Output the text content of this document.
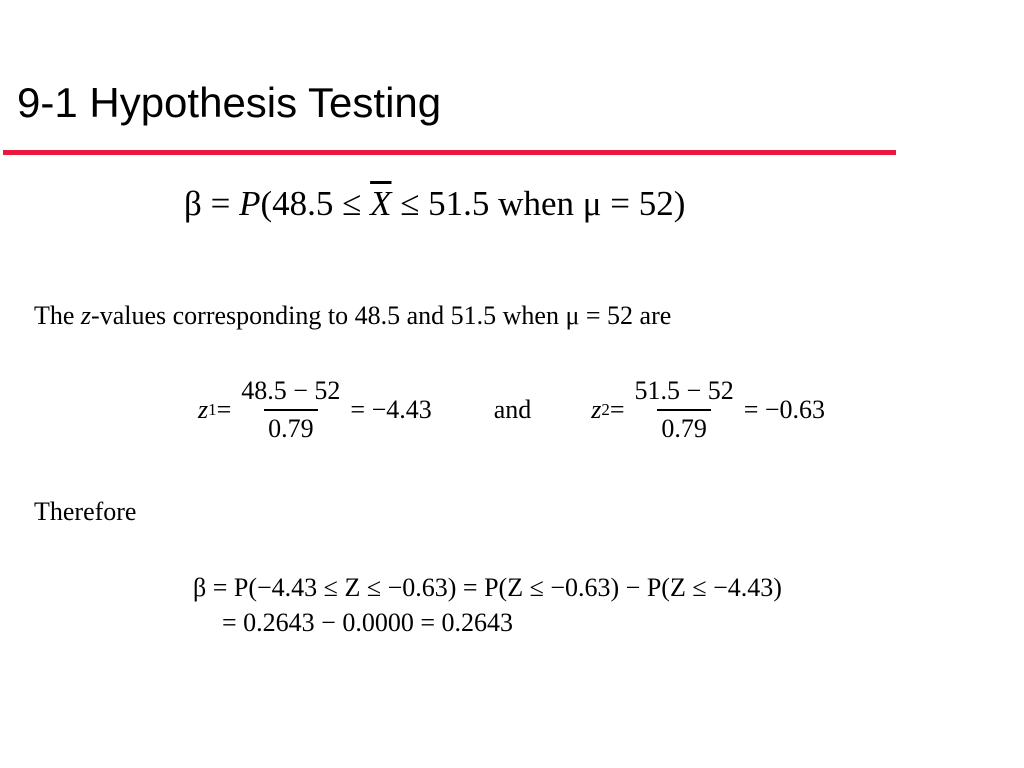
9-1 Hypothesis Testing
$\beta = P(48.5 \le \overline{X} \le 51.5$ when μ = 52)
The z-values corresponding to 48.5 and 51.5 when μ = 52 are
z $1 = \frac{48.5 - 52}{0.79} = -4.43$ and z $2 = \frac{51.5 - 52}{0.79} = -0.63$
Therefore
β = P(−4.43 ≤ Z ≤ −0.63) = P(Z ≤ −0.63) − P(Z ≤ −4.43)
= 0.2643 − 0.0000 = 0.2643
